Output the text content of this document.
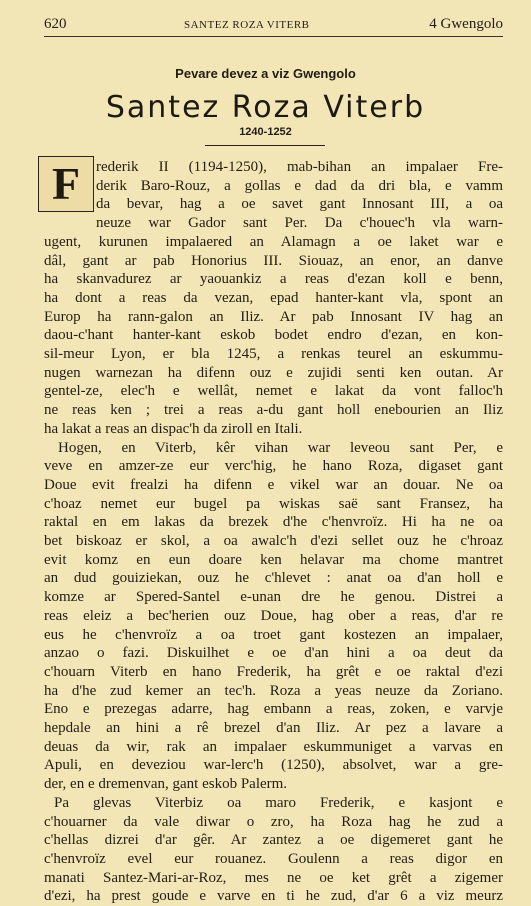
620	SANTEZ ROZA VITERB	4 Gwengolo
Pevare devez a viz Gwengolo
Santez Roza Viterb
1240-1252
F rederik II (1194-1250), mab-bihan an impalaer Fre-
derik Baro-Rouz, a gollas e dad da dri bla, e vamm
da bevar, hag a oe savet gant Innosant III, a oa
neuze war Gador sant Per. Da c'houec'h vla warn-
ugent, kurunen impalaered an Alamagn a oe laket war e
dâl, gant ar pab Honorius III. Siouaz, an enor, an danve
ha skanvadurez ar yaouankiz a reas d'ezan koll e benn,
ha dont a reas da vezan, epad hanter-kant vla, spont an
Europ ha rann-galon an Iliz. Ar pab Innosant IV hag an
daou-c'hant hanter-kant eskob bodet endro d'ezan, en kon-
sil-meur Lyon, er bla 1245, a renkas teurel an eskummu-
nugen warnezan ha difenn ouz e zujidi senti ken outan. Ar
gentel-ze, elec'h e wellât, nemet e lakat da vont falloc'h
ne reas ken ; trei a reas a-du gant holl enebourien an Iliz
ha lakat a reas an dispac'h da ziroll en Itali.
Hogen, en Viterb, kêr vihan war leveou sant Per, e
veve en amzer-ze eur verc'hig, he hano Roza, digaset gant
Doue evit frealzi ha difenn e vikel war an douar. Ne oa
c'hoaz nemet eur bugel pa wiskas saë sant Fransez, ha
raktal en em lakas da brezek d'he c'henvroïz. Hi ha ne oa
bet biskoaz er skol, a oa awalc'h d'ezi sellet ouz he c'hroaz
evit komz en eun doare ken helavar ma chome mantret
an dud gouiziekan, ouz he c'hlevet : anat oa d'an holl e
komze ar Spered-Santel e-unan dre he genou. Distrei a
reas eleiz a bec'herien ouz Doue, hag ober a reas, d'ar re
eus he c'henvroïz a oa troet gant kostezen an impalaer,
anzao o fazi. Diskuilhet e oe d'an hini a oa deut da
c'houarn Viterb en hano Frederik, ha grêt e oe raktal d'ezi
ha d'he zud kemer an tec'h. Roza a yeas neuze da Zoriano.
Eno e prezegas adarre, hag embann a reas, zoken, e varvje
hepdale an hini a rê brezel d'an Iliz. Ar pez a lavare a
deuas da wir, rak an impalaer eskummuniget a varvas en
Apuli, en deveziou war-lerc'h (1250), absolvet, war a gre-
der, en e dremenvan, gant eskob Palerm.
Pa glevas Viterbiz oa maro Frederik, e kasjont e
c'houarner da vale diwar o zro, ha Roza hag he zud a
c'hellas dizrei d'ar gêr. Ar zantez a oe digemeret gant he
c'henvroïz evel eur rouanez. Goulenn a reas digor en
manati Santez-Mari-ar-Roz, mes ne oe ket grêt a zigemer
d'ezi, ha prest goude e varve en ti he zud, d'ar 6 a viz meurz
